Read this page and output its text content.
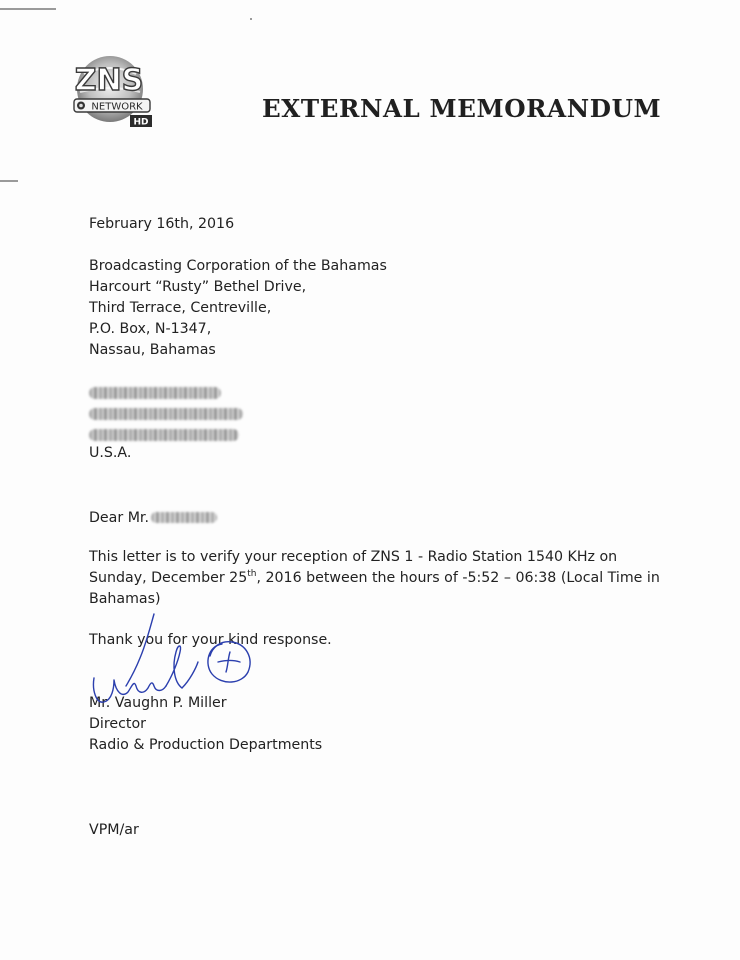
ZNS
NETWORK
HD	EXTERNAL MEMORANDUM
February 16th, 2016
Broadcasting Corporation of the Bahamas
Harcourt “Rusty” Bethel Drive,
Third Terrace, Centreville,
P.O. Box, N-1347,
Nassau, Bahamas
U.S.A.
Dear Mr.
This letter is to verify your reception of ZNS 1 - Radio Station 1540 KHz on
Sunday, December 25th, 2016 between the hours of -5:52 – 06:38 (Local Time in
Bahamas)
Thank you for your kind response.
Mr. Vaughn P. Miller
Director
Radio & Production Departments
VPM/ar
